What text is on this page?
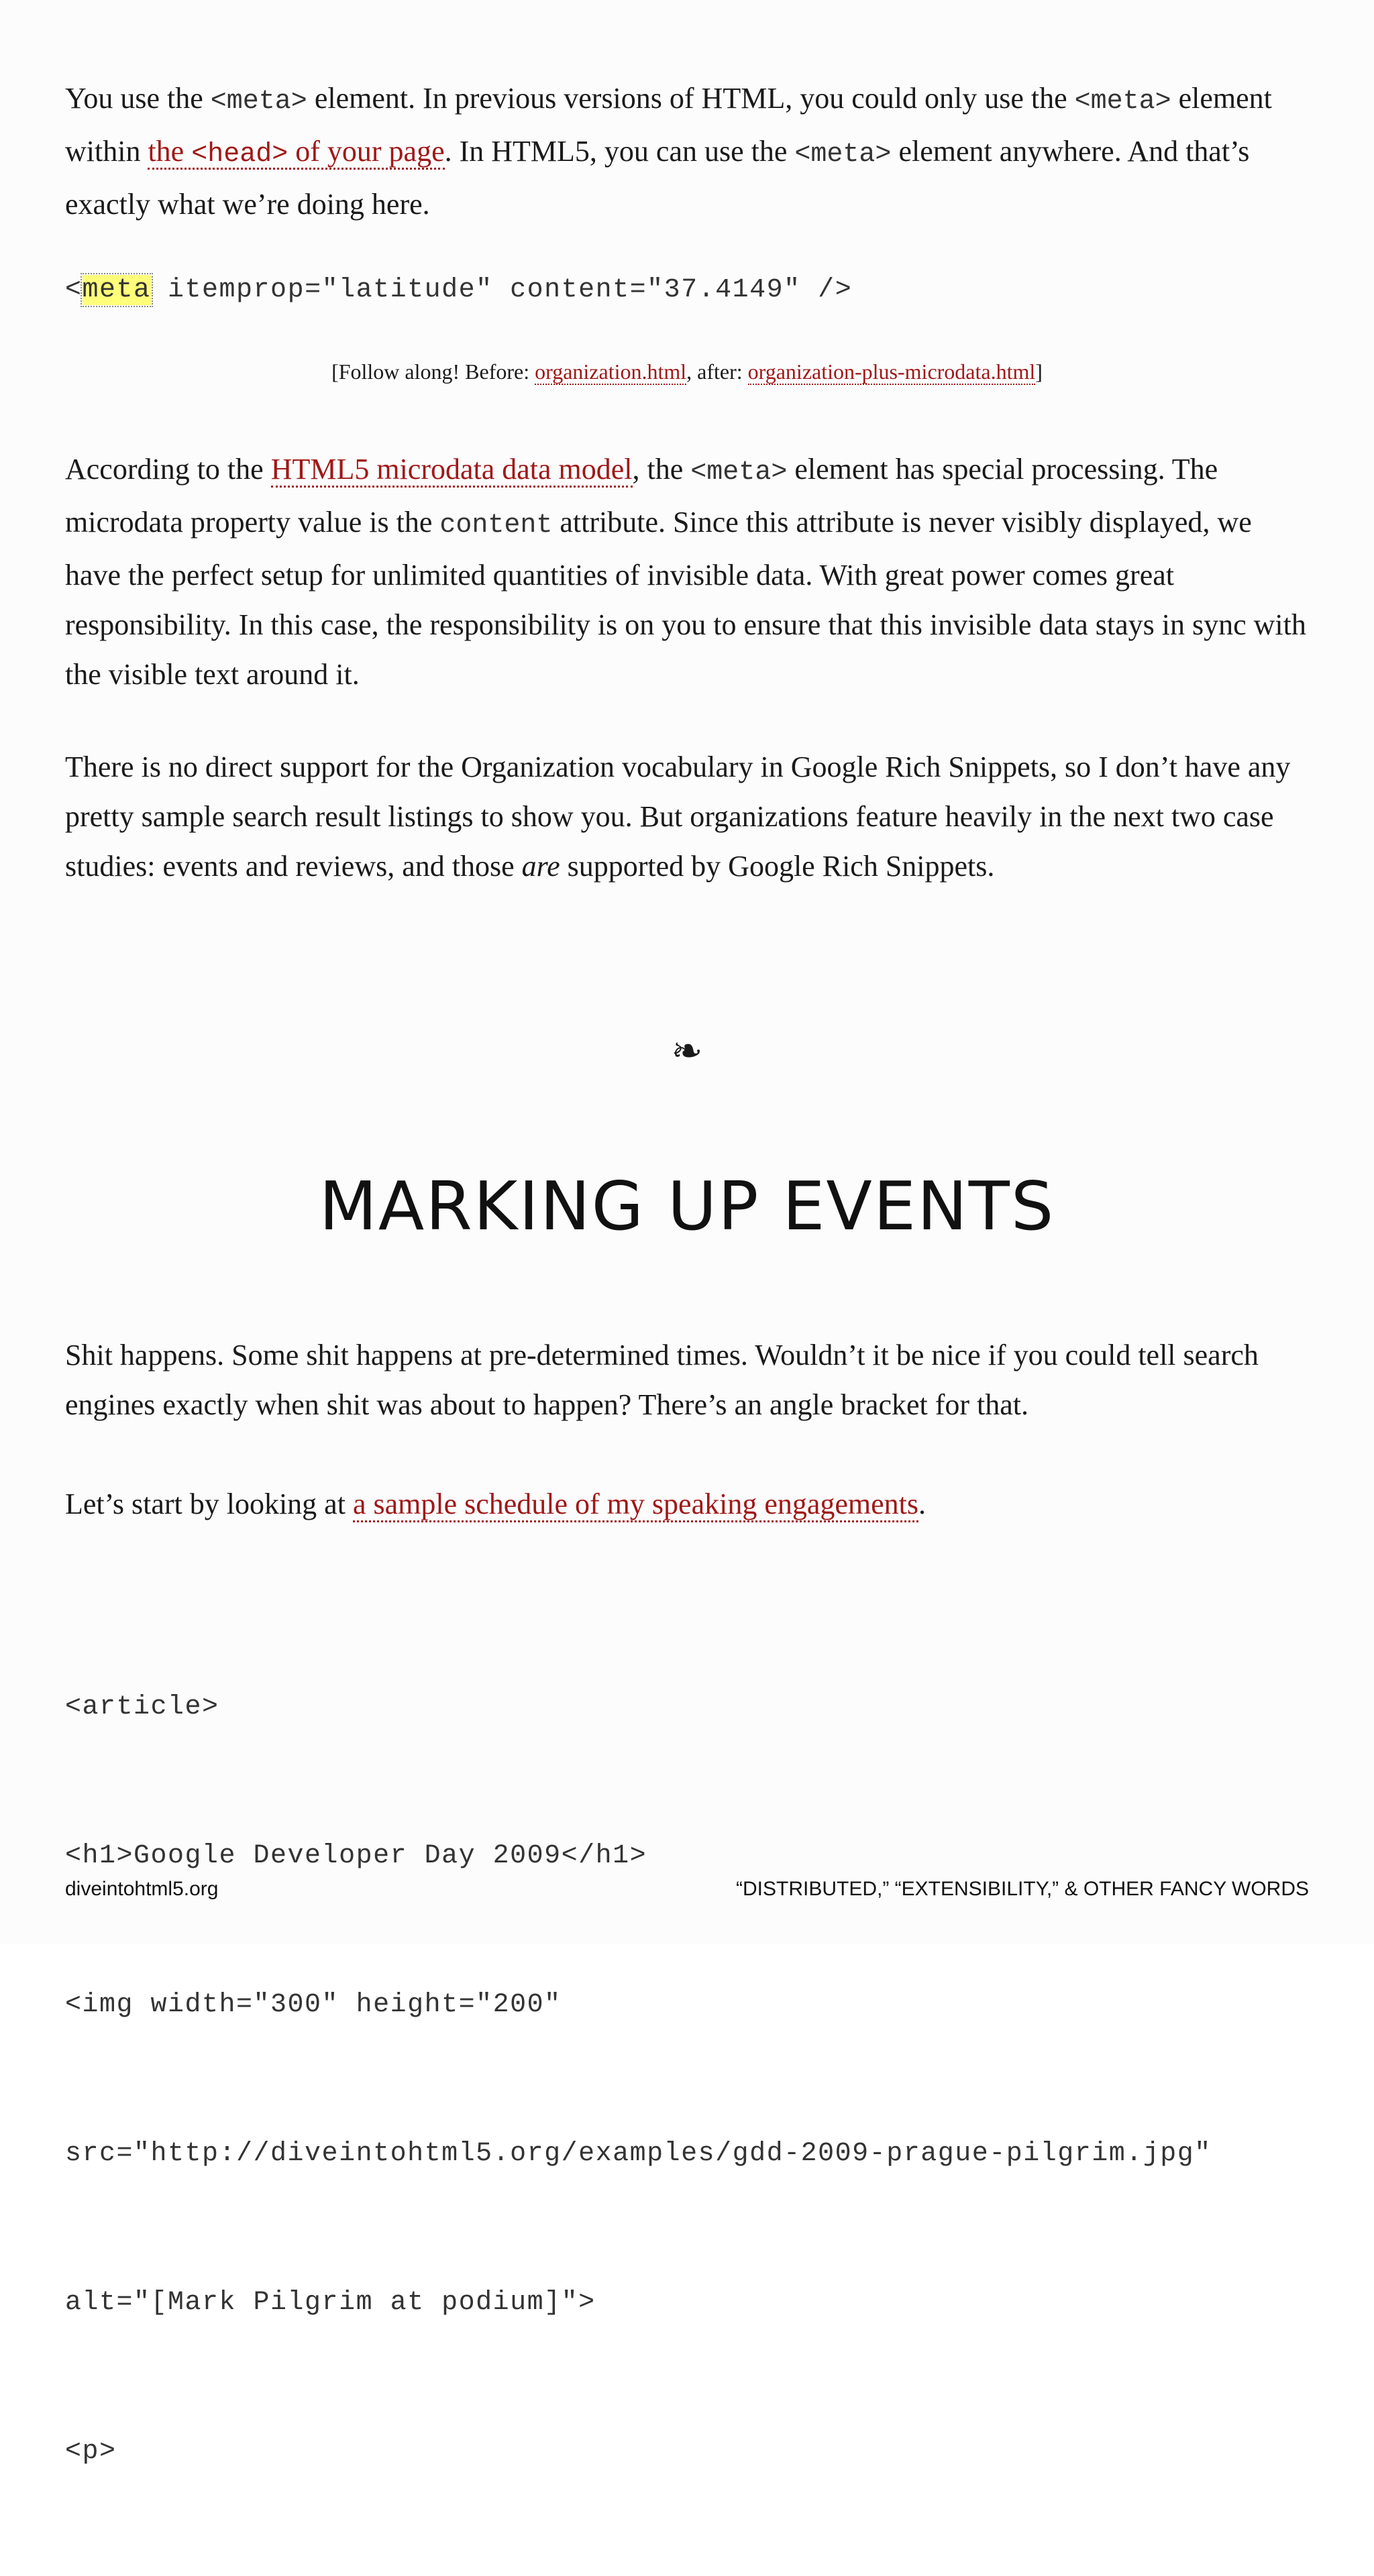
You use the <meta> element. In previous versions of HTML, you could only use the <meta> element within the <head> of your page. In HTML5, you can use the <meta> element anywhere. And that’s exactly what we’re doing here.

<meta itemprop="latitude" content="37.4149" />
[Follow along! Before: organization.html, after: organization-plus-microdata.html]

According to the HTML5 microdata data model, the <meta> element has special processing. The microdata property value is the content attribute. Since this attribute is never visibly displayed, we have the perfect setup for unlimited quantities of invisible data. With great power comes great responsibility. In this case, the responsibility is on you to ensure that this invisible data stays in sync with the visible text around it.

There is no direct support for the Organization vocabulary in Google Rich Snippets, so I don’t have any pretty sample search result listings to show you. But organizations feature heavily in the next two case studies: events and reviews, and those are supported by Google Rich Snippets.

❧
MARKING UP EVENTS

Shit happens. Some shit happens at pre-determined times. Wouldn’t it be nice if you could tell search engines exactly when shit was about to happen? There’s an angle bracket for that.

Let’s start by looking at a sample schedule of my speaking engagements.

<article>

<h1>Google Developer Day 2009</h1>

<img width="300" height="200"

src="http://diveintohtml5.org/examples/gdd-2009-prague-pilgrim.jpg"

alt="[Mark Pilgrim at podium]">

<p>

diveintohtml5.org	“DISTRIBUTED,” “EXTENSIBILITY,” & OTHER FANCY WORDS
